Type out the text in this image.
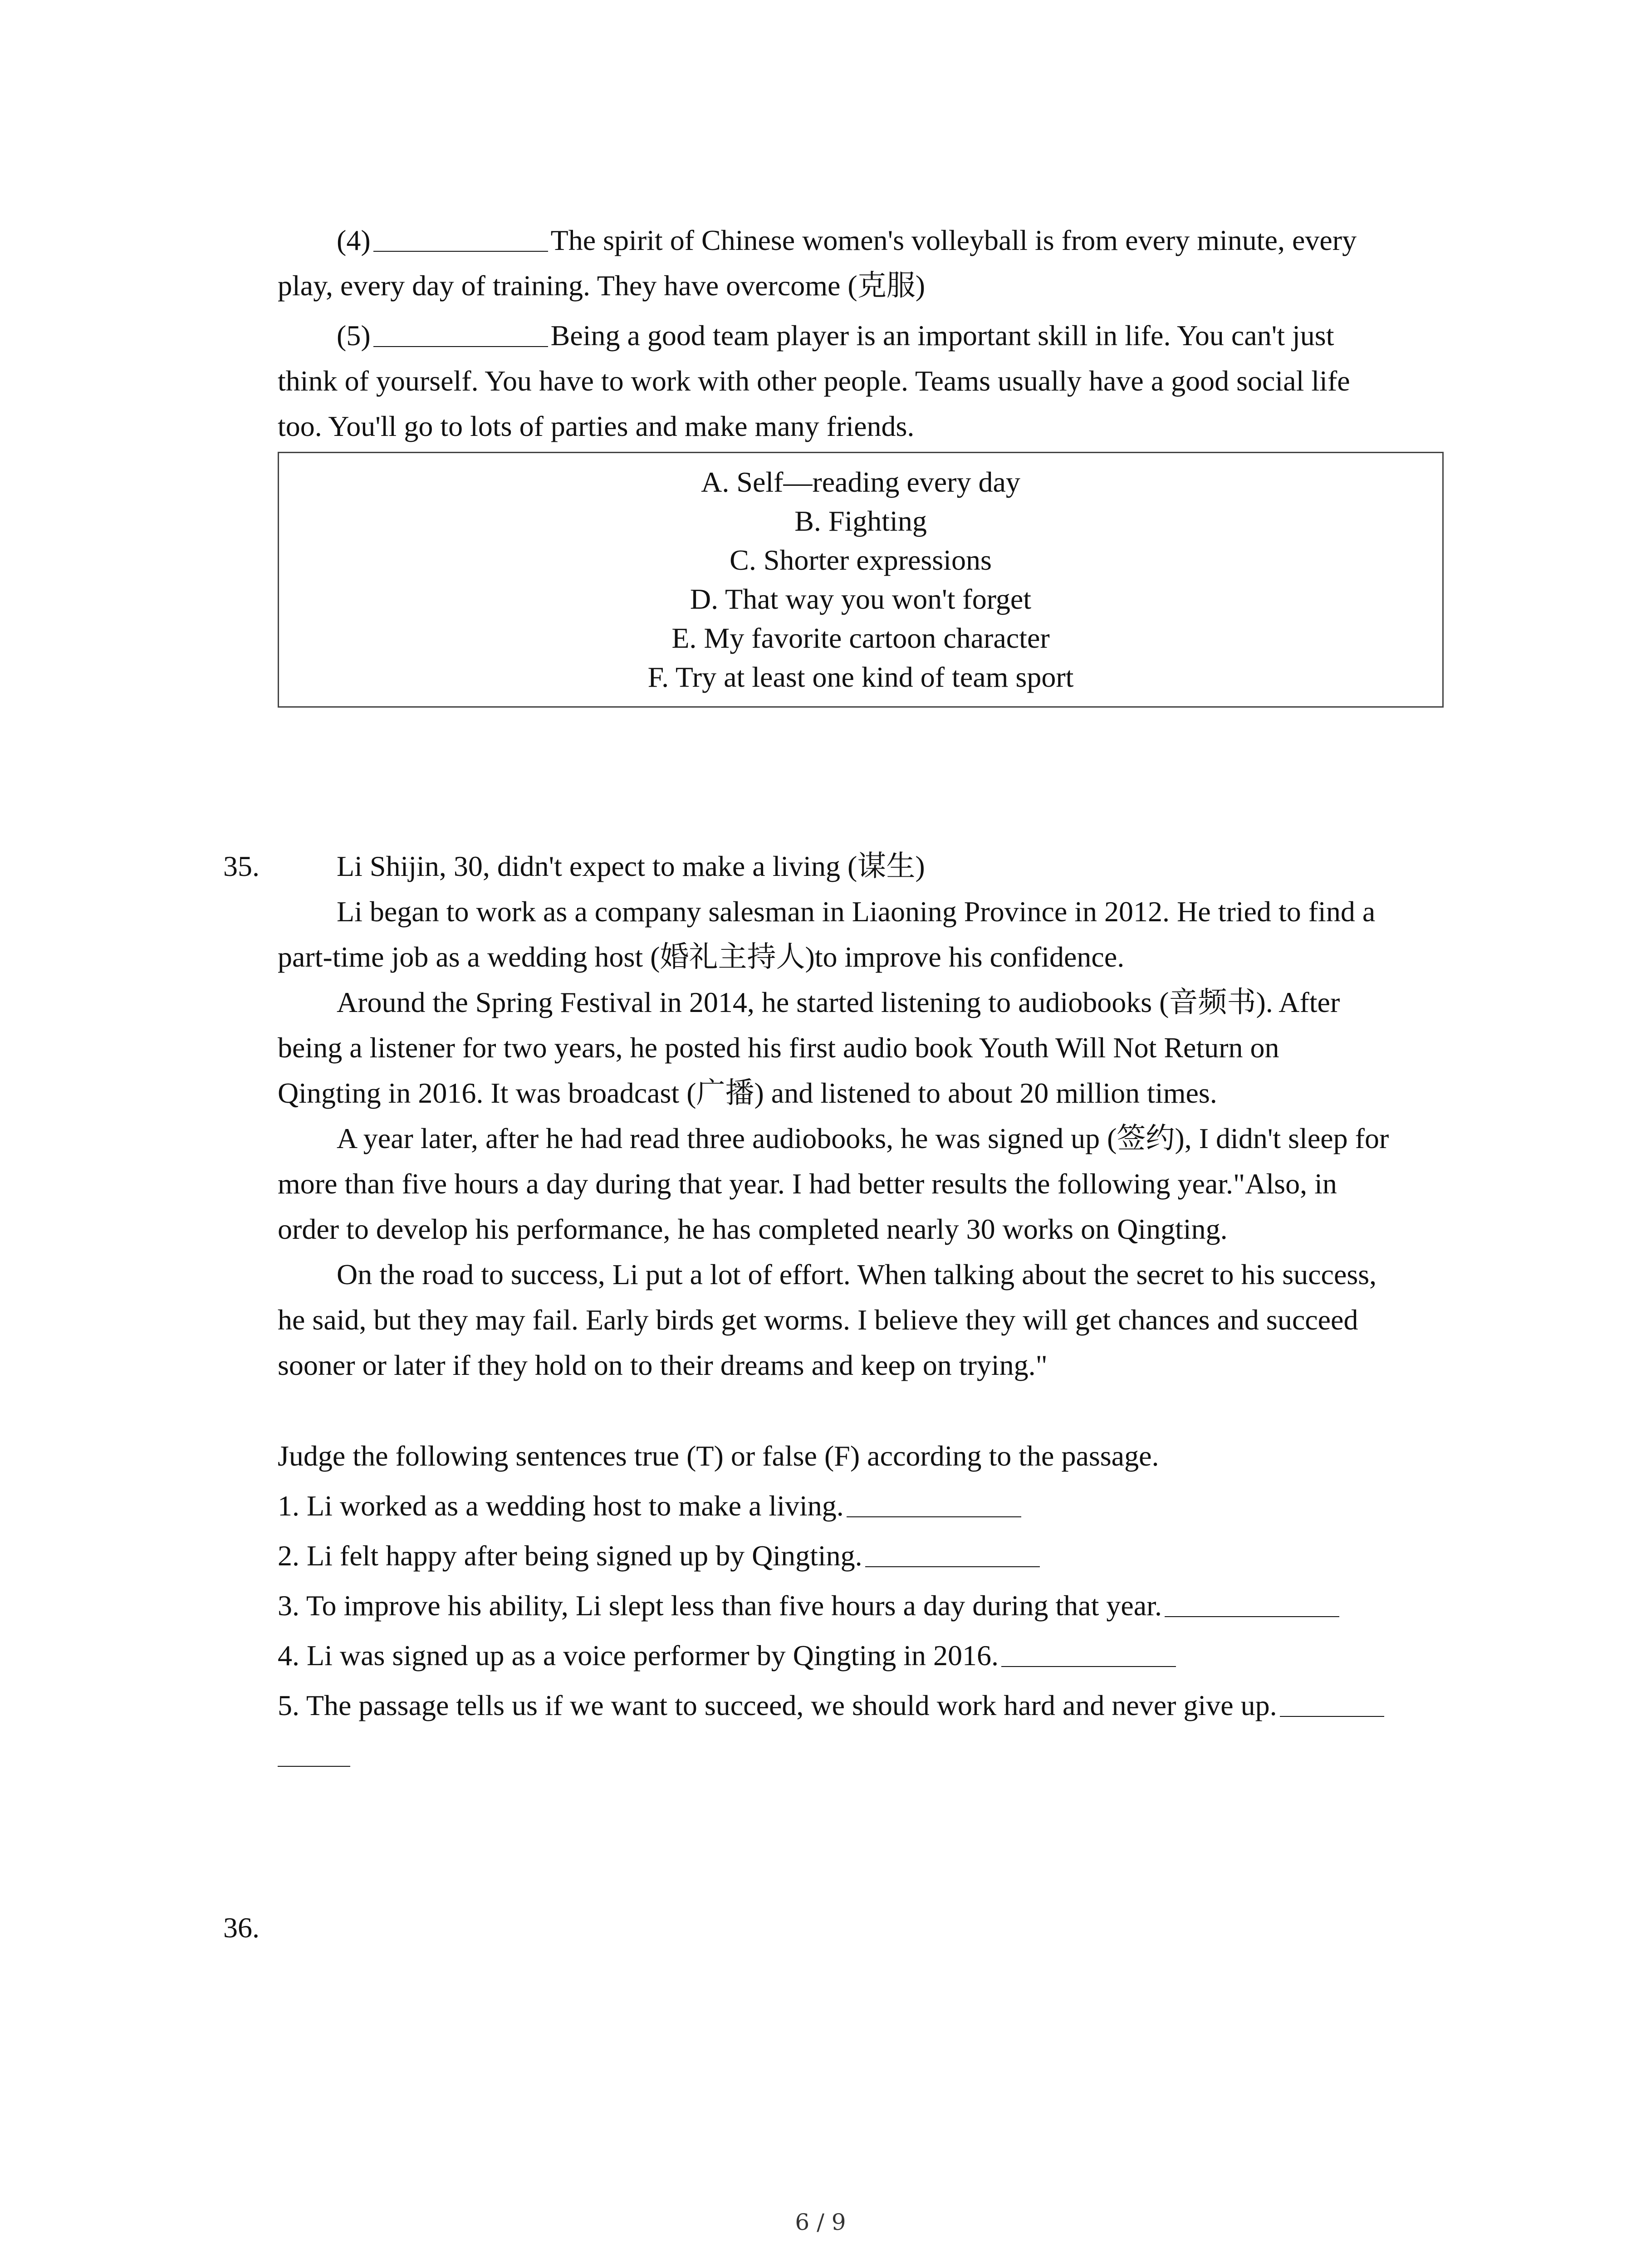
(4)	The spirit of Chinese women's volleyball is from every minute, every
play, every day of training. They have overcome (克服)
(5)	Being a good team player is an important skill in life. You can't just
think of yourself. You have to work with other people. Teams usually have a good social life
too. You'll go to lots of parties and make many friends.
A. Self—reading every day
B. Fighting
C. Shorter expressions
D. That way you won't forget
E. My favorite cartoon character
F. Try at least one kind of team sport
35.	Li Shijin, 30, didn't expect to make a living (谋生)
Li began to work as a company salesman in Liaoning Province in 2012. He tried to find a
part-time job as a wedding host (婚礼主持人)to improve his confidence.
Around the Spring Festival in 2014, he started listening to audiobooks (音频书). After
being a listener for two years, he posted his first audio book Youth Will Not Return on
Qingting in 2016. It was broadcast (广播) and listened to about 20 million times.
A year later, after he had read three audiobooks, he was signed up (签约), I didn't sleep for
more than five hours a day during that year. I had better results the following year."Also, in
order to develop his performance, he has completed nearly 30 works on Qingting.
On the road to success, Li put a lot of effort. When talking about the secret to his success,
he said, but they may fail. Early birds get worms. I believe they will get chances and succeed
sooner or later if they hold on to their dreams and keep on trying."
Judge the following sentences true (T) or false (F) according to the passage.
1. Li worked as a wedding host to make a living.
2. Li felt happy after being signed up by Qingting.
3. To improve his ability, Li slept less than five hours a day during that year.
4. Li was signed up as a voice performer by Qingting in 2016.
5. The passage tells us if we want to succeed, we should work hard and never give up.
36.
6 / 9
